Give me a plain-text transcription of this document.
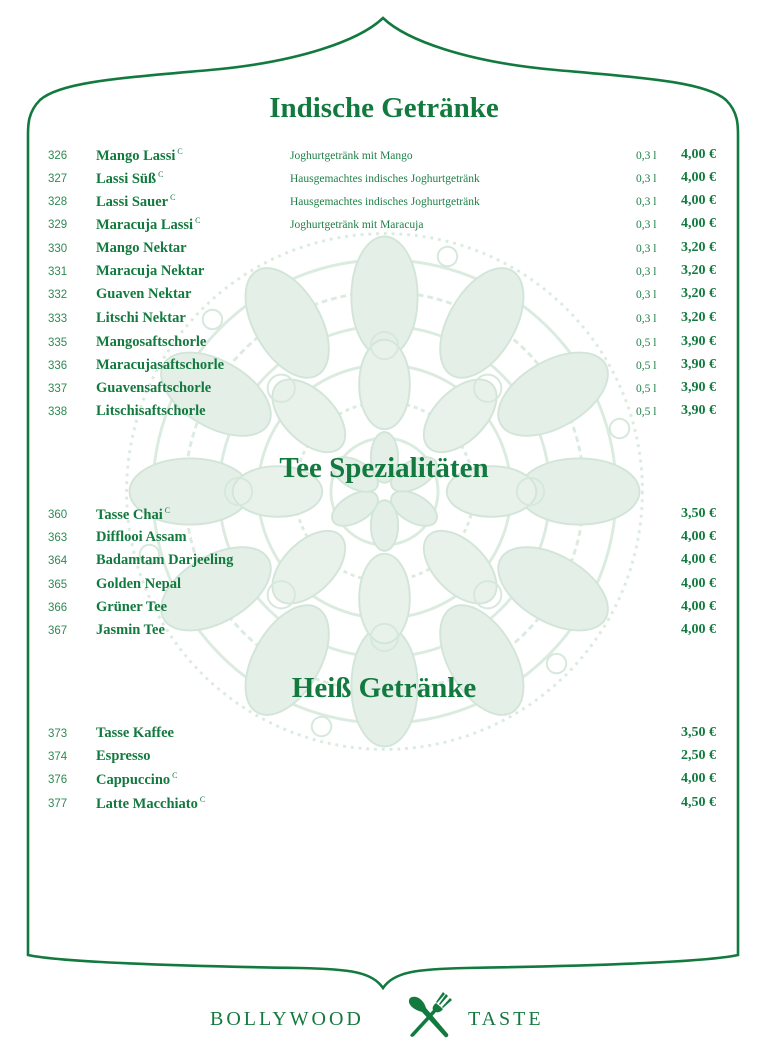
Indische Getränke
326 Mango Lassi $^C$	Joghurtgetränk mit Mango	0,3 l 4,00 €
327 Lassi Süß $^C$	Hausgemachtes indisches Joghurtgetränk	0,3 l 4,00 €
328 Lassi Sauer $^C$	Hausgemachtes indisches Joghurtgetränk	0,3 l 4,00 €
329 Maracuja Lassi $^C$	Joghurtgetränk mit Maracuja	0,3 l 4,00 €
330 Mango Nektar	0,3 l 3,20 €
331 Maracuja Nektar	0,3 l 3,20 €
332 Guaven Nektar	0,3 l 3,20 €
333 Litschi Nektar	0,3 l 3,20 €
335 Mangosaftschorle	0,5 l 3,90 €
336 Maracujasaftschorle	0,5 l 3,90 €
337 Guavensaftschorle	0,5 l 3,90 €
338 Litschisaftschorle	0,5 l 3,90 €
Tee Spezialitäten
360 Tasse Chai $^C$	3,50 €
363 Difflooi Assam	4,00 €
364 Badamtam Darjeeling	4,00 €
365 Golden Nepal	4,00 €
366 Grüner Tee	4,00 €
367 Jasmin Tee	4,00 €
Heiß Getränke
373 Tasse Kaffee	3,50 €
374 Espresso	2,50 €
376 Cappuccino $^C$	4,00 €
377 Latte Macchiato $^C$	4,50 €
BOLLYWOOD	TASTE
